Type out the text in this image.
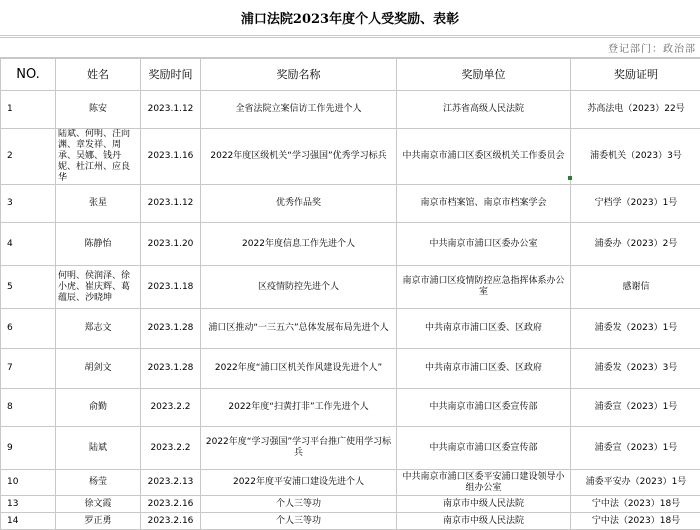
浦口法院2023年度个人受奖励、表彰
登记部门：政治部
NO.	姓名	奖励时间	奖励名称	奖励单位	奖励证明
1	陈安	2023.1.12	全省法院立案信访工作先进个人	江苏省高级人民法院	苏高法电（2023）22号
2	陆斌、何明、汪向渊、章发祥、周承、吴娜、钱丹妮、杜江州、应良华	2023.1.16	2022年度区级机关“学习强国”优秀学习标兵	中共南京市浦口区委区级机关工作委员会	浦委机关（2023）3号
3	张星	2023.1.12	优秀作品奖	南京市档案馆、南京市档案学会	宁档学（2023）1号
4	陈静怡	2023.1.20	2022年度信息工作先进个人	中共南京市浦口区委办公室	浦委办（2023）2号
5	何明、侯润泽、徐小虎、崔庆辉、葛蕴辰、沙晓坤	2023.1.18	区疫情防控先进个人	南京市浦口区疫情防控应急指挥体系办公室	感谢信
6	郑志文	2023.1.28	浦口区推动“一三五六”总体发展布局先进个人	中共南京市浦口区委、区政府	浦委发（2023）1号
7	胡剑文	2023.1.28	2022年度“浦口区机关作风建设先进个人”	中共南京市浦口区委、区政府	浦委发（2023）3号
8	俞勤	2023.2.2	2022年度“扫黄打非”工作先进个人	中共南京市浦口区委宣传部	浦委宣（2023）1号
9	陆斌	2023.2.2	2022年度“学习强国”学习平台推广使用学习标兵	中共南京市浦口区委宣传部	浦委宣（2023）1号
10	杨莹	2023.2.13	2022年度平安浦口建设先进个人	中共南京市浦口区委平安浦口建设领导小组办公室	浦委平安办（2023）1号
13	徐文霞	2023.2.16	个人三等功	南京市中级人民法院	宁中法（2023）18号
14	罗正勇	2023.2.16	个人三等功	南京市中级人民法院	宁中法（2023）18号
